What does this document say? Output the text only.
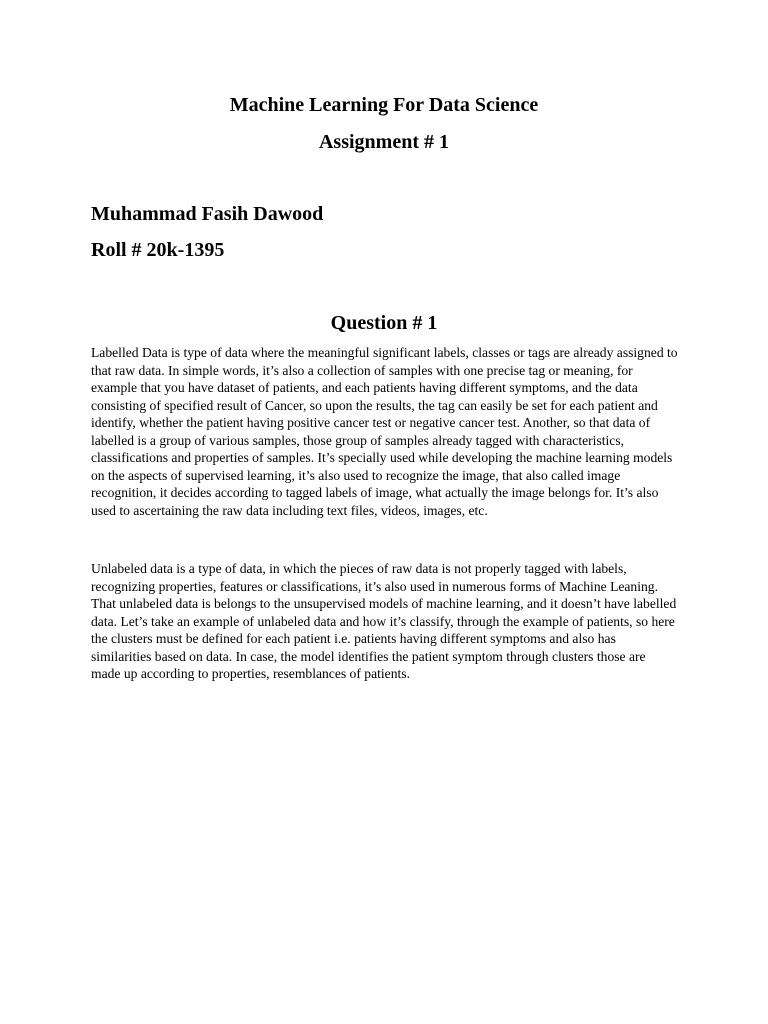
Machine Learning For Data Science
Assignment # 1
Muhammad Fasih Dawood
Roll # 20k-1395
Question # 1

Labelled Data is type of data where the meaningful significant labels, classes or tags are already assigned to that raw data. In simple words, it’s also a collection of samples with one precise tag or meaning, for example that you have dataset of patients, and each patients having different symptoms, and the data consisting of specified result of Cancer, so upon the results, the tag can easily be set for each patient and identify, whether the patient having positive cancer test or negative cancer test. Another, so that data of labelled is a group of various samples, those group of samples already tagged with characteristics, classifications and properties of samples. It’s specially used while developing the machine learning models on the aspects of supervised learning, it’s also used to recognize the image, that also called image recognition, it decides according to tagged labels of image, what actually the image belongs for. It’s also used to ascertaining the raw data including text files, videos, images, etc.

Unlabeled data is a type of data, in which the pieces of raw data is not properly tagged with labels, recognizing properties, features or classifications, it’s also used in numerous forms of Machine Leaning. That unlabeled data is belongs to the unsupervised models of machine learning, and it doesn’t have labelled data. Let’s take an example of unlabeled data and how it’s classify, through the example of patients, so here the clusters must be defined for each patient i.e. patients having different symptoms and also has similarities based on data. In case, the model identifies the patient symptom through clusters those are made up according to properties, resemblances of patients.
